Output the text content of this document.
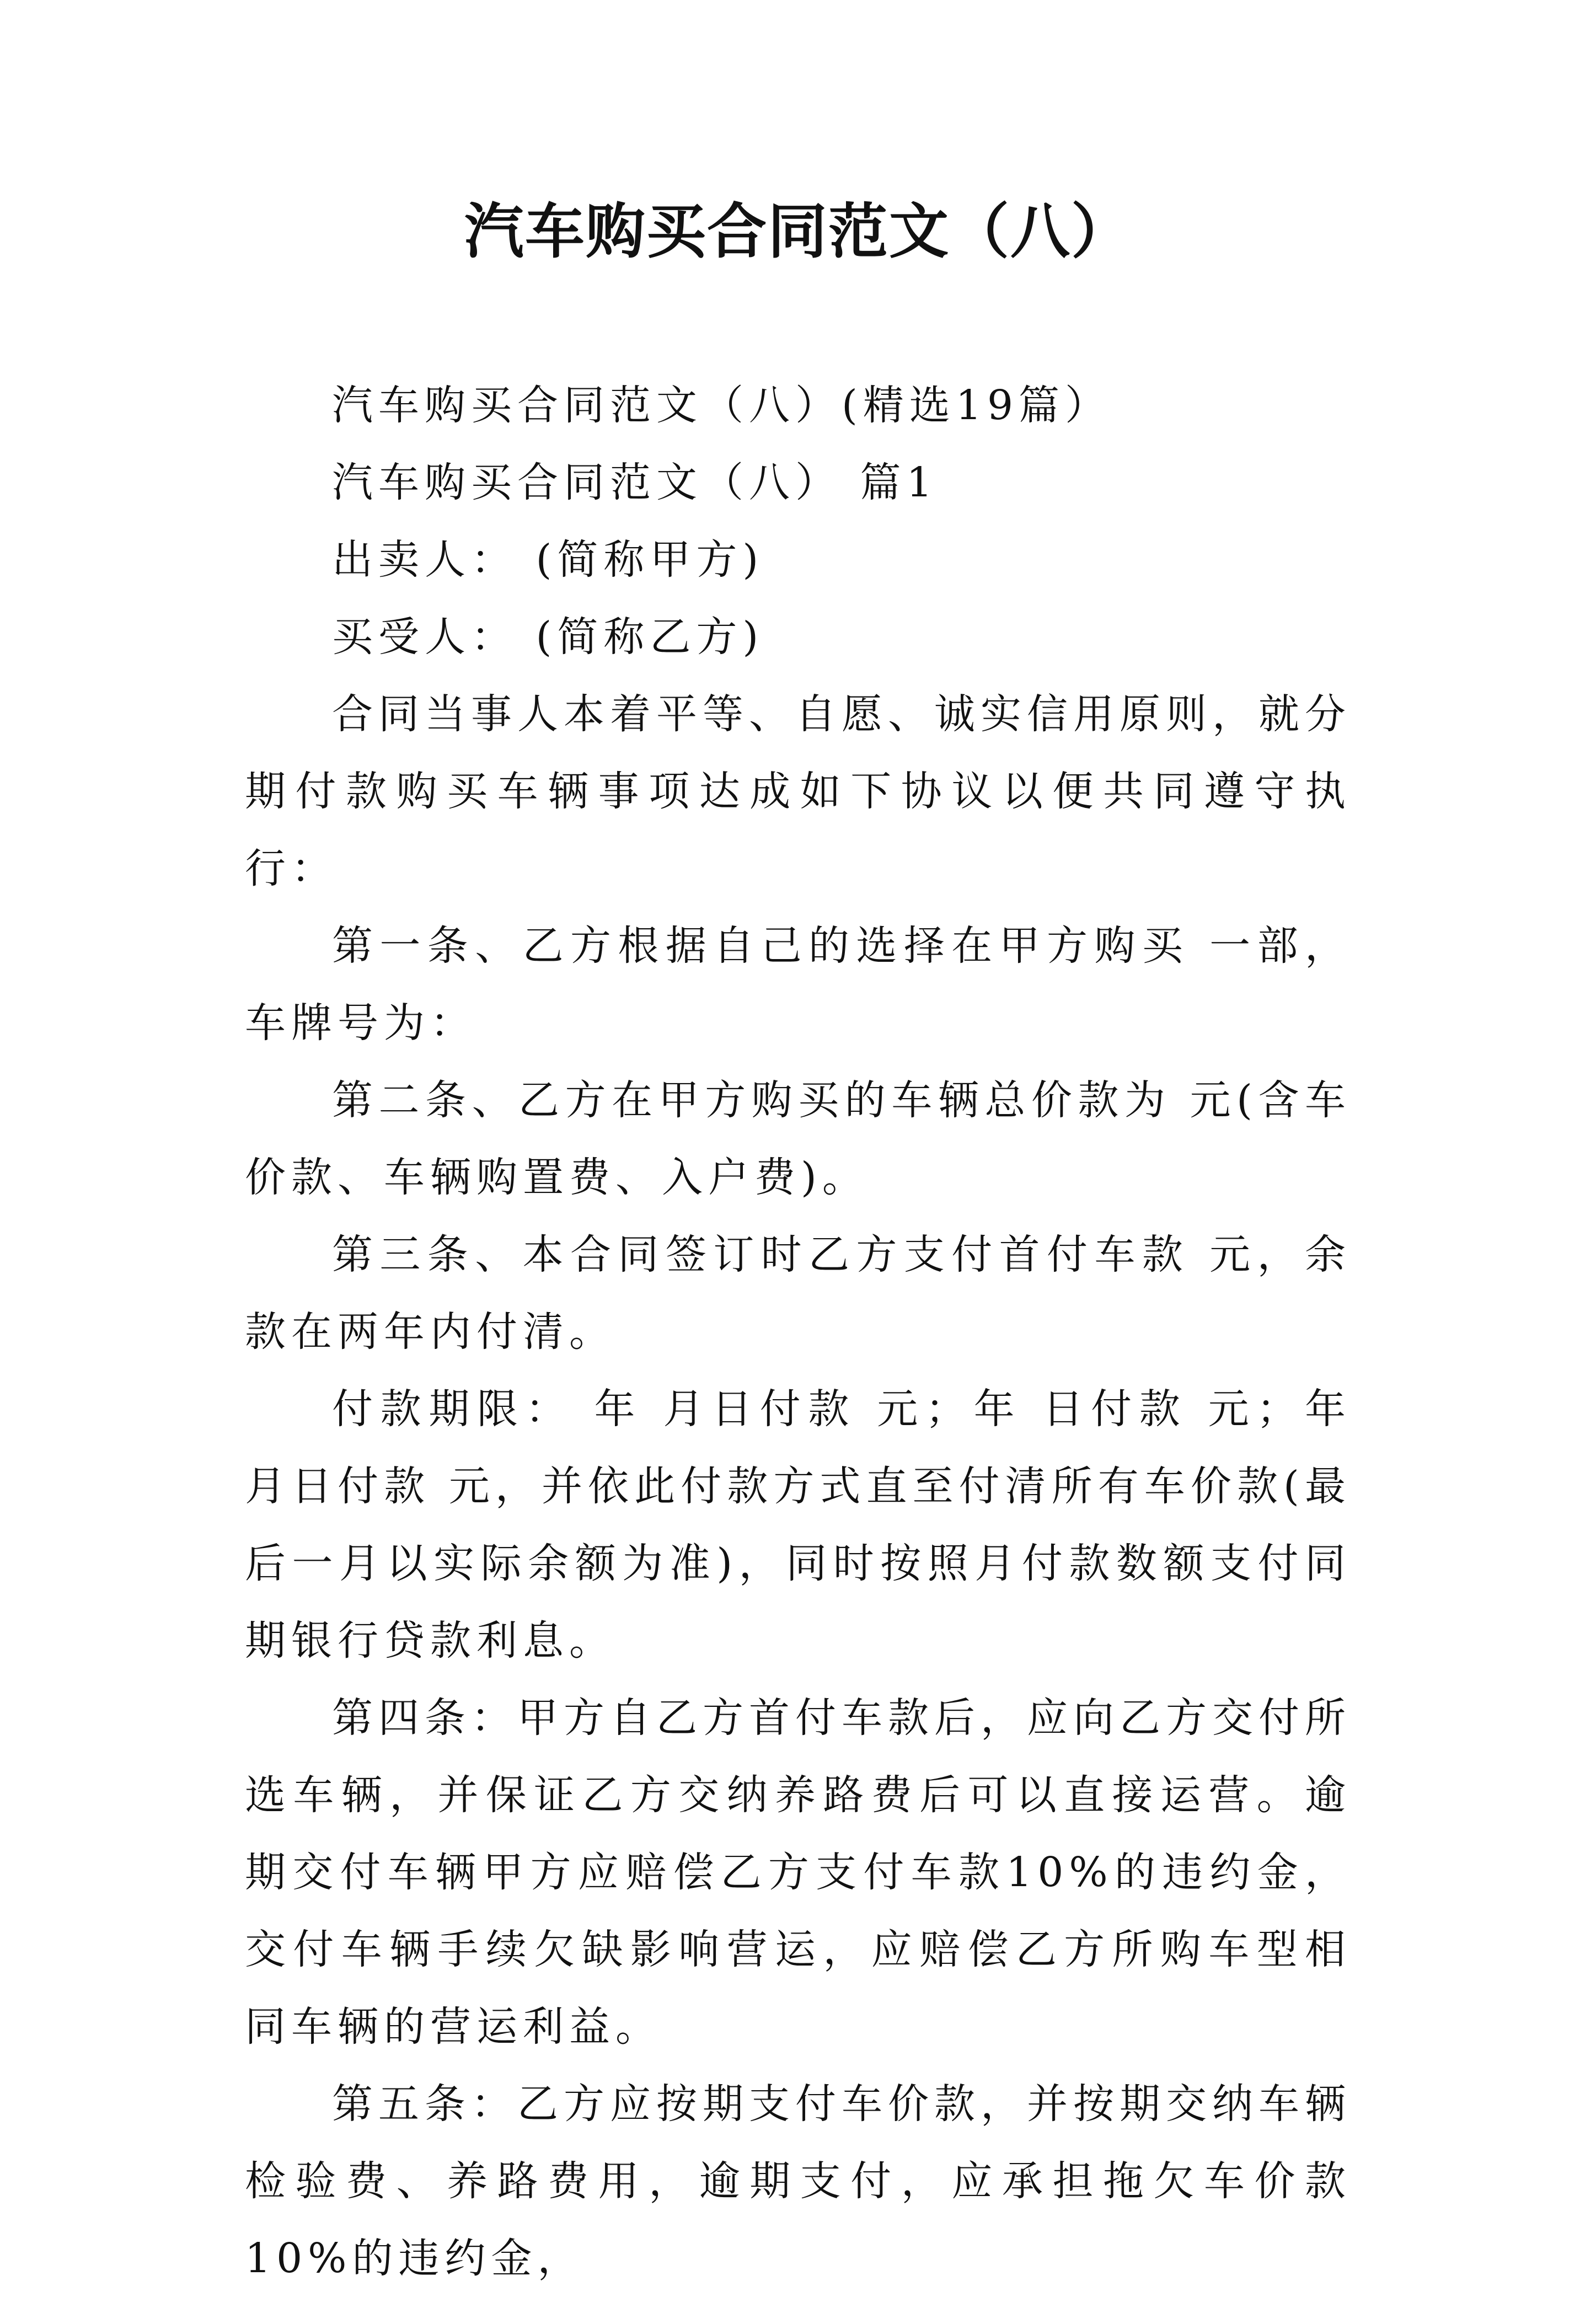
汽车购买合同范文（八）

汽车购买合同范文（八）(精选19篇）

汽车购买合同范文（八） 篇1

出卖人： (简称甲方)

买受人： (简称乙方)

合同当事人本着平等、自愿、诚实信用原则，就分期付款购买车辆事项达成如下协议以便共同遵守执行：

第一条、乙方根据自己的选择在甲方购买 一部，车牌号为：

第二条、乙方在甲方购买的车辆总价款为 元(含车价款、车辆购置费、入户费)。

第三条、本合同签订时乙方支付首付车款 元，余款在两年内付清。

付款期限： 年 月日付款 元；年 日付款 元；年 月日付款 元，并依此付款方式直至付清所有车价款(最后一月以实际余额为准)，同时按照月付款数额支付同期银行贷款利息。

第四条：甲方自乙方首付车款后，应向乙方交付所选车辆，并保证乙方交纳养路费后可以直接运营。逾期交付车辆甲方应赔偿乙方支付车款10%的违约金，交付车辆手续欠缺影响营运，应赔偿乙方所购车型相同车辆的营运利益。

第五条：乙方应按期支付车价款，并按期交纳车辆检验费、养路费用，逾期支付，应承担拖欠车价款10%的违约金，
